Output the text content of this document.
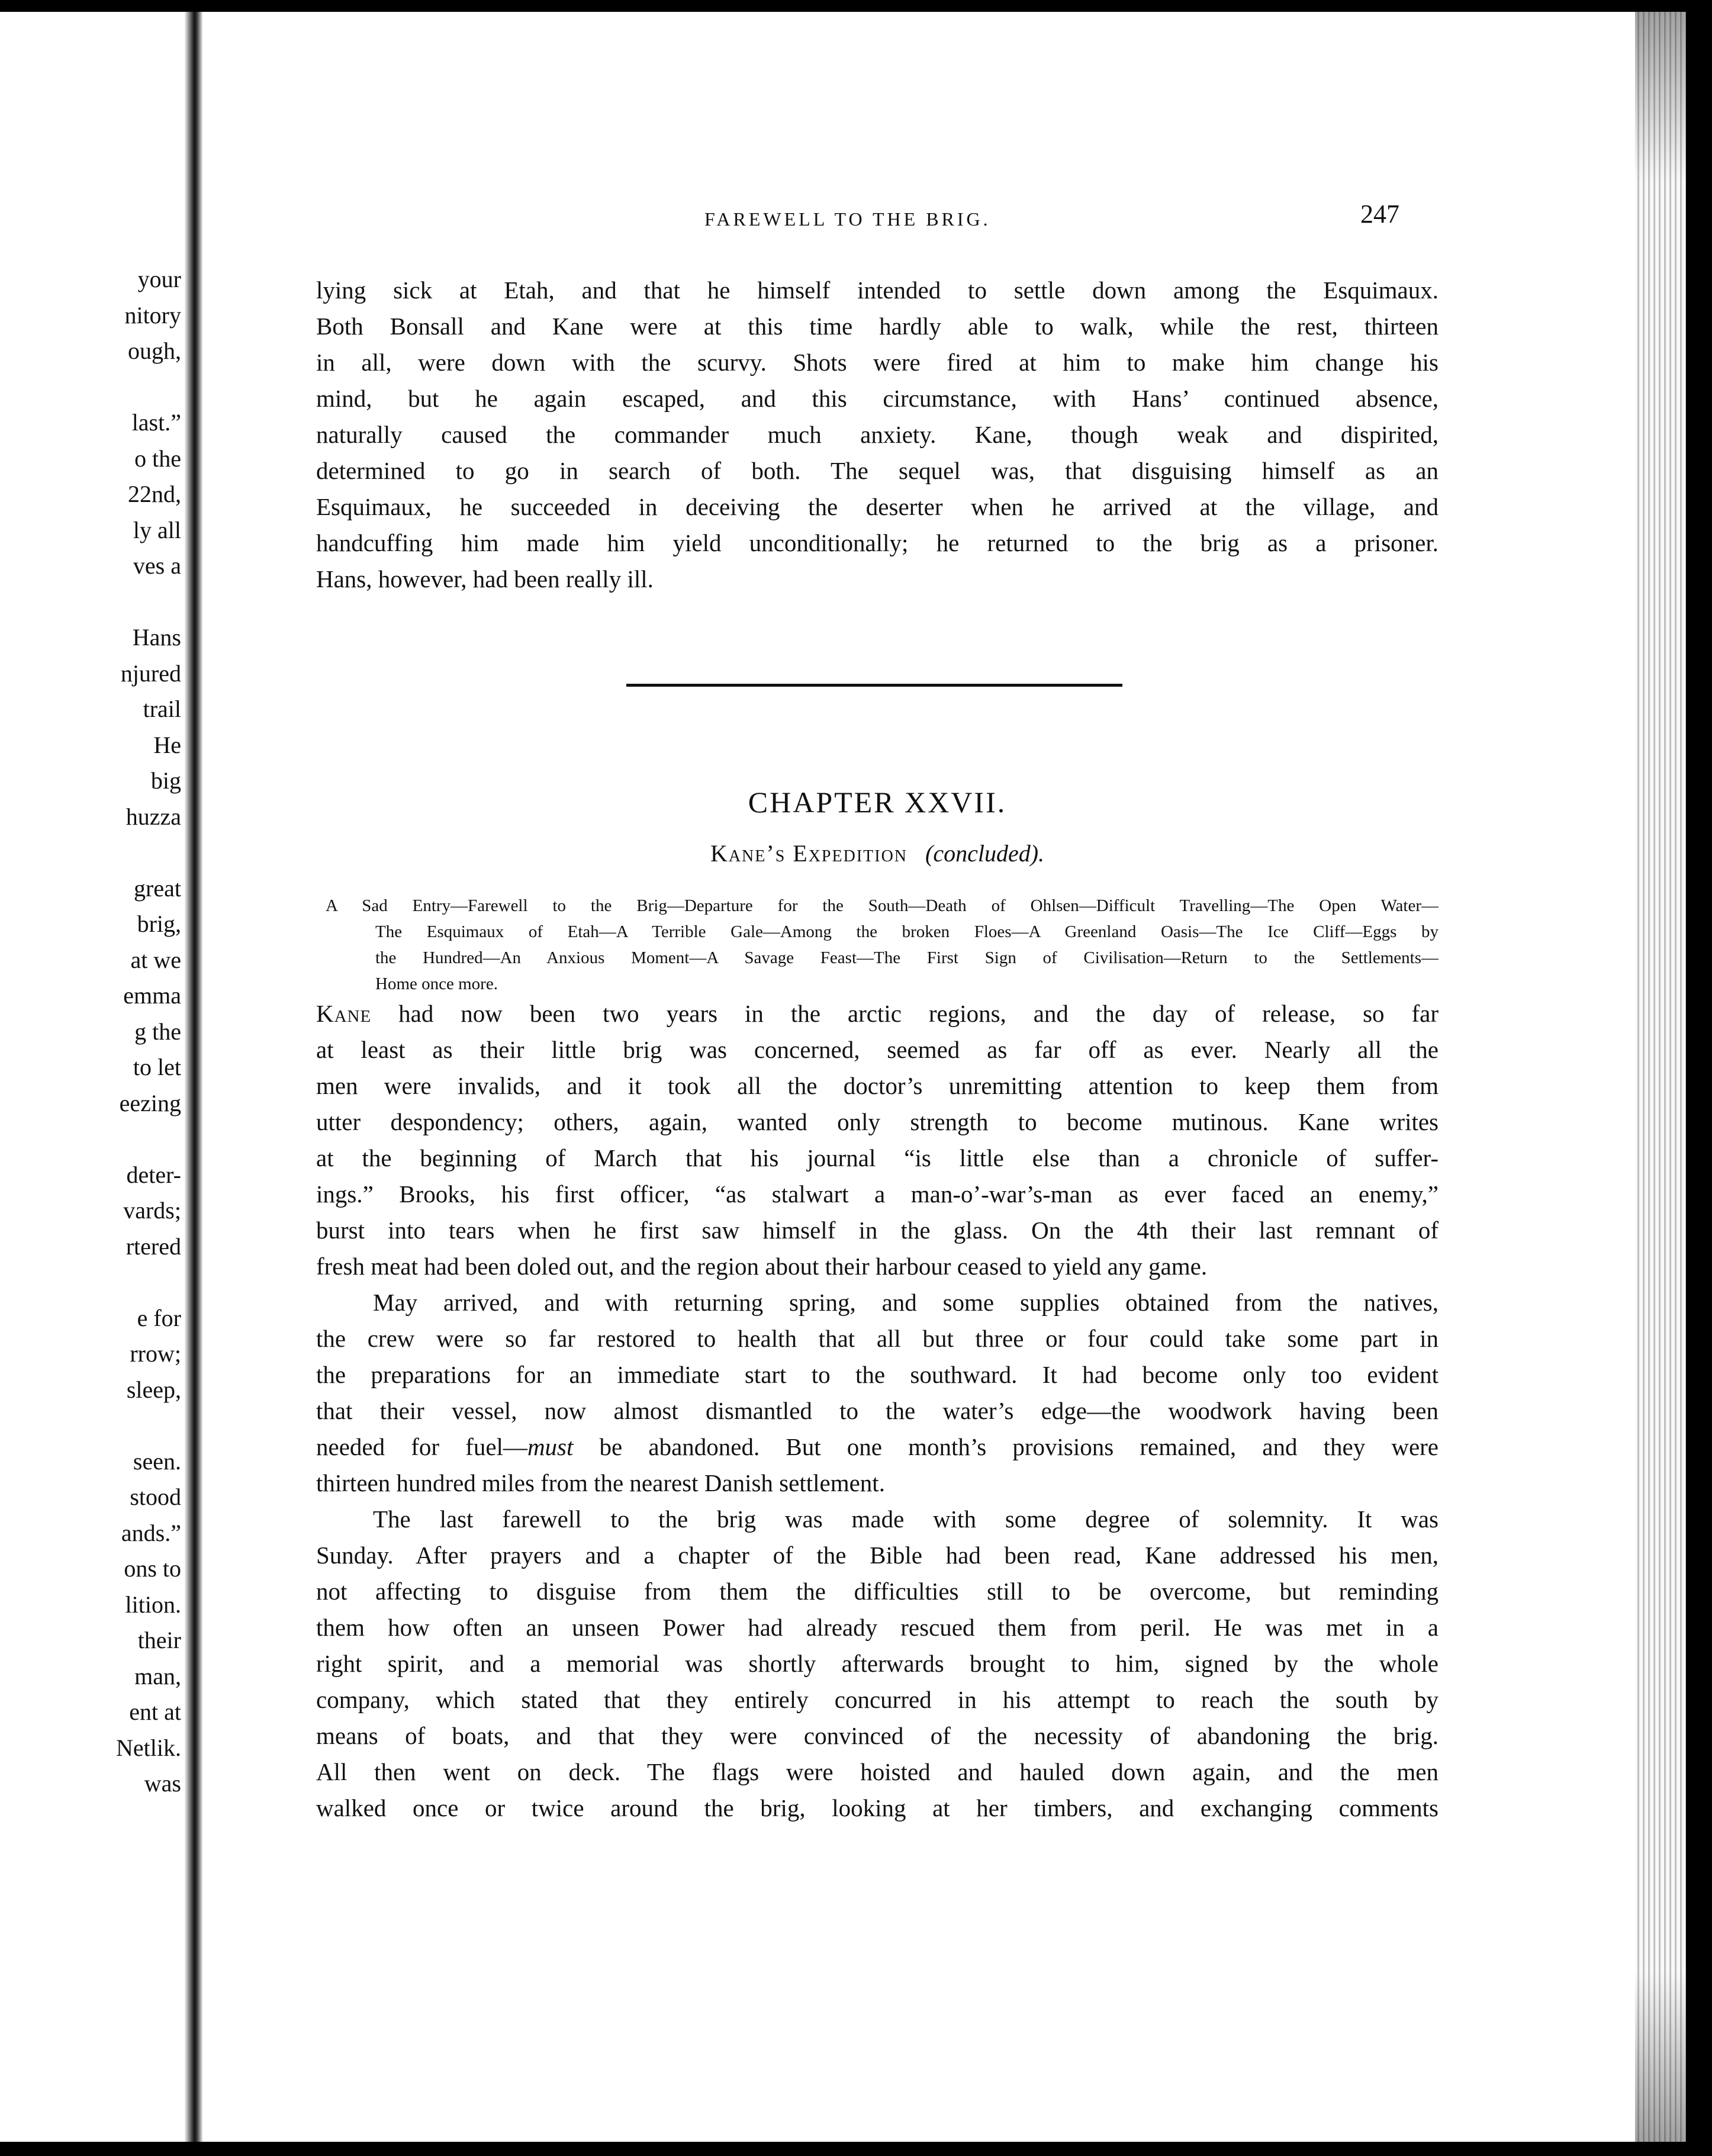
your
nitory
ough,
last.”
o the
22nd,
ly all
ves a
Hans
njured
trail
He
big
huzza
great
brig,
at we
emma
g the
to let
eezing
deter-
vards;
rtered
e for
rrow;
sleep,
seen.
stood
ands.”
ons to
lition.
their
man,
ent at
Netlik.
was
FAREWELL TO THE BRIG.	247
lying sick at Etah, and that he himself intended to settle down among the Esquimaux.
Both Bonsall and Kane were at this time hardly able to walk, while the rest, thirteen
in all, were down with the scurvy. Shots were fired at him to make him change his
mind, but he again escaped, and this circumstance, with Hans’ continued absence,
naturally caused the commander much anxiety. Kane, though weak and dispirited,
determined to go in search of both. The sequel was, that disguising himself as an
Esquimaux, he succeeded in deceiving the deserter when he arrived at the village, and
handcuffing him made him yield unconditionally; he returned to the brig as a prisoner.
Hans, however, had been really ill.
CHAPTER XXVII.
Kane’s Expedition (concluded).
A Sad Entry—Farewell to the Brig—Departure for the South—Death of Ohlsen—Difficult Travelling—The Open Water—
The Esquimaux of Etah—A Terrible Gale—Among the broken Floes—A Greenland Oasis—The Ice Cliff—Eggs by
the Hundred—An Anxious Moment—A Savage Feast—The First Sign of Civilisation—Return to the Settlements—
Home once more.
Kane had now been two years in the arctic regions, and the day of release, so far
at least as their little brig was concerned, seemed as far off as ever. Nearly all the
men were invalids, and it took all the doctor’s unremitting attention to keep them from
utter despondency; others, again, wanted only strength to become mutinous. Kane writes
at the beginning of March that his journal “is little else than a chronicle of suffer-
ings.” Brooks, his first officer, “as stalwart a man-o’-war’s-man as ever faced an enemy,”
burst into tears when he first saw himself in the glass. On the 4th their last remnant of
fresh meat had been doled out, and the region about their harbour ceased to yield any game.
May arrived, and with returning spring, and some supplies obtained from the natives,
the crew were so far restored to health that all but three or four could take some part in
the preparations for an immediate start to the southward. It had become only too evident
that their vessel, now almost dismantled to the water’s edge—the woodwork having been
needed for fuel—must be abandoned. But one month’s provisions remained, and they were
thirteen hundred miles from the nearest Danish settlement.
The last farewell to the brig was made with some degree of solemnity. It was
Sunday. After prayers and a chapter of the Bible had been read, Kane addressed his men,
not affecting to disguise from them the difficulties still to be overcome, but reminding
them how often an unseen Power had already rescued them from peril. He was met in a
right spirit, and a memorial was shortly afterwards brought to him, signed by the whole
company, which stated that they entirely concurred in his attempt to reach the south by
means of boats, and that they were convinced of the necessity of abandoning the brig.
All then went on deck. The flags were hoisted and hauled down again, and the men
walked once or twice around the brig, looking at her timbers, and exchanging comments
